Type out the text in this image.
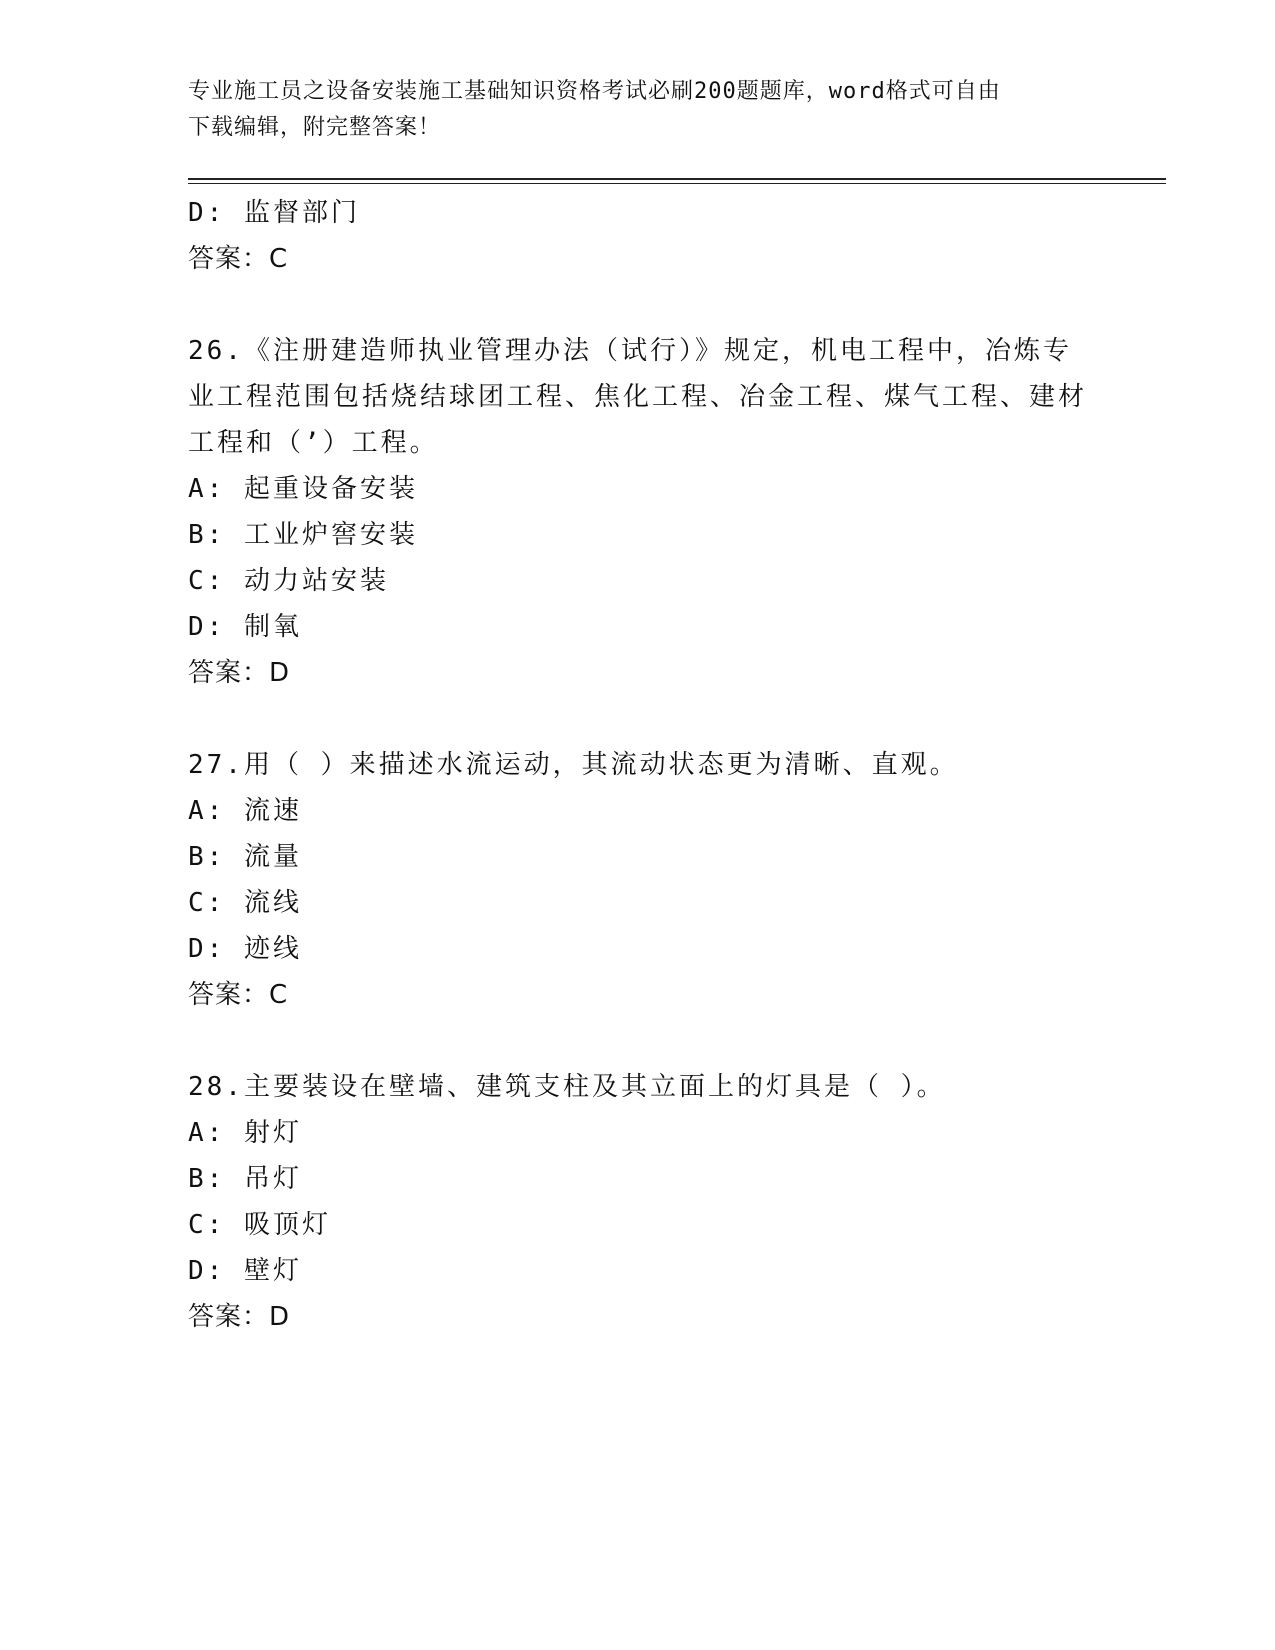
专业施工员之设备安装施工基础知识资格考试必刷200题题库，word格式可自由
下载编辑，附完整答案！
D: 监督部门
答案：C
26.《注册建造师执业管理办法（试行）》规定，机电工程中，冶炼专业工程范围包括烧结球团工程、焦化工程、冶金工程、煤气工程、建材工程和（’）工程。
A: 起重设备安装
B: 工业炉窖安装
C: 动力站安装
D: 制氧
答案：D
27.用（ ）来描述水流运动，其流动状态更为清晰、直观。
A: 流速
B: 流量
C: 流线
D: 迹线
答案：C
28.主要装设在壁墙、建筑支柱及其立面上的灯具是（ ）。
A: 射灯
B: 吊灯
C: 吸顶灯
D: 壁灯
答案：D
